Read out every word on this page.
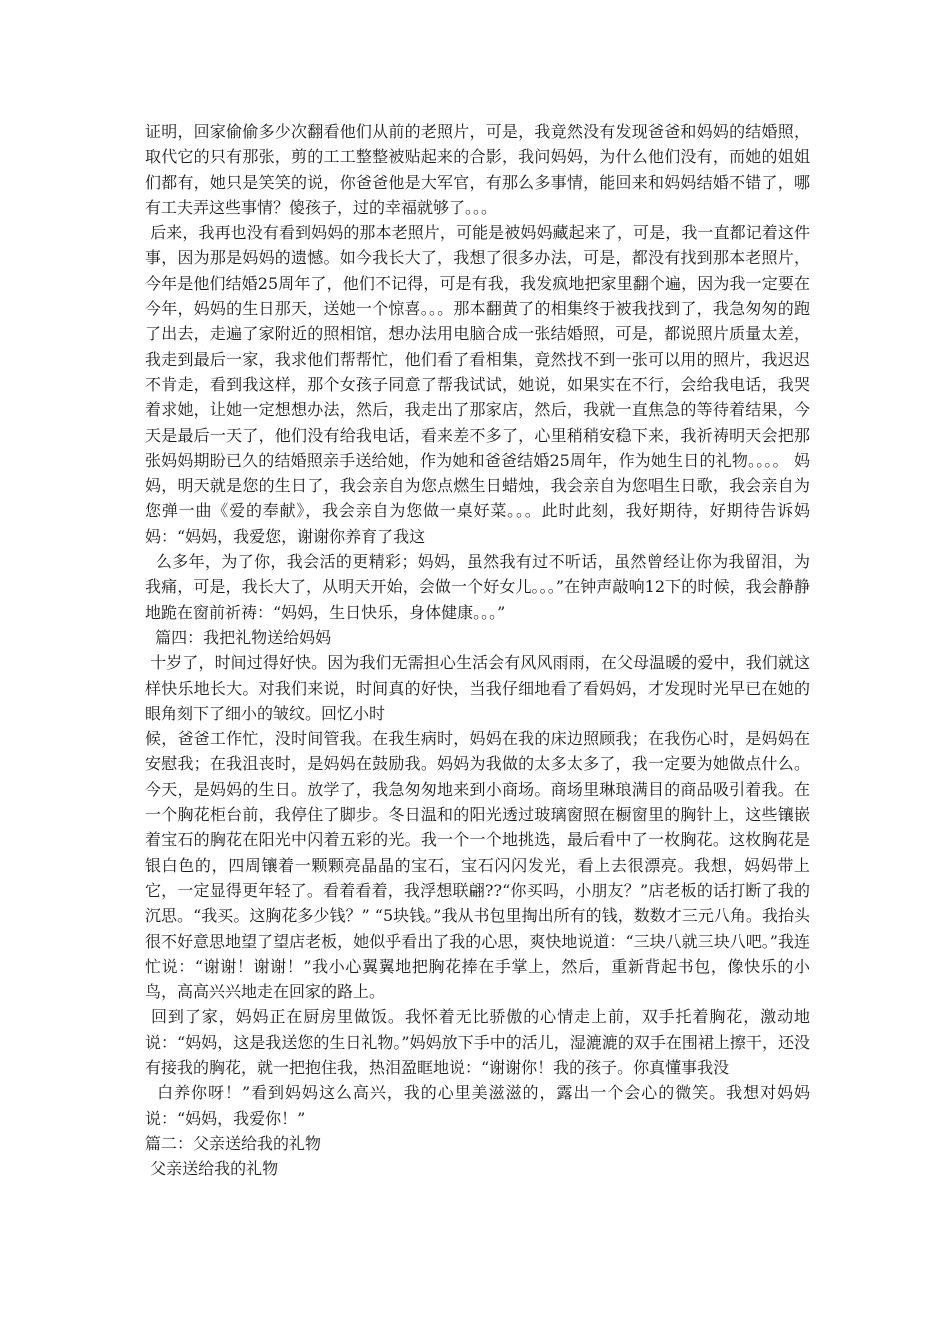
证明，回家偷偷多少次翻看他们从前的老照片，可是，我竟然没有发现爸爸和妈妈的结婚照，取代它的只有那张，剪的工工整整被贴起来的合影，我问妈妈，为什么他们没有，而她的姐姐们都有，她只是笑笑的说，你爸爸他是大军官，有那么多事情，能回来和妈妈结婚不错了，哪有工夫弄这些事情？傻孩子，过的幸福就够了。。。

后来，我再也没有看到妈妈的那本老照片，可能是被妈妈藏起来了，可是，我一直都记着这件事，因为那是妈妈的遗憾。如今我长大了，我想了很多办法，可是，都没有找到那本老照片，今年是他们结婚25周年了，他们不记得，可是有我，我发疯地把家里翻个遍，因为我一定要在今年，妈妈的生日那天，送她一个惊喜。。。那本翻黄了的相集终于被我找到了，我急匆匆的跑了出去，走遍了家附近的照相馆，想办法用电脑合成一张结婚照，可是，都说照片质量太差，我走到最后一家，我求他们帮帮忙，他们看了看相集，竟然找不到一张可以用的照片，我迟迟不肯走，看到我这样，那个女孩子同意了帮我试试，她说，如果实在不行，会给我电话，我哭着求她，让她一定想想办法，然后，我走出了那家店，然后，我就一直焦急的等待着结果，今天是最后一天了，他们没有给我电话，看来差不多了，心里稍稍安稳下来，我祈祷明天会把那张妈妈期盼已久的结婚照亲手送给她，作为她和爸爸结婚25周年，作为她生日的礼物。。。。 妈妈，明天就是您的生日了，我会亲自为您点燃生日蜡烛，我会亲自为您唱生日歌，我会亲自为您弹一曲《爱的奉献》，我会亲自为您做一桌好菜。。。此时此刻，我好期待，好期待告诉妈妈：“妈妈，我爱您，谢谢你养育了我这

么多年，为了你，我会活的更精彩；妈妈，虽然我有过不听话，虽然曾经让你为我留泪，为我痛，可是，我长大了，从明天开始，会做一个好女儿。。。”在钟声敲响12下的时候，我会静静地跪在窗前祈祷：“妈妈，生日快乐，身体健康。。。”

篇四：我把礼物送给妈妈

十岁了，时间过得好快。因为我们无需担心生活会有风风雨雨，在父母温暖的爱中，我们就这样快乐地长大。对我们来说，时间真的好快，当我仔细地看了看妈妈，才发现时光早已在她的眼角刻下了细小的皱纹。回忆小时

候，爸爸工作忙，没时间管我。在我生病时，妈妈在我的床边照顾我；在我伤心时，是妈妈在安慰我；在我沮丧时，是妈妈在鼓励我。妈妈为我做的太多太多了，我一定要为她做点什么。今天，是妈妈的生日。放学了，我急匆匆地来到小商场。商场里琳琅满目的商品吸引着我。在一个胸花柜台前，我停住了脚步。冬日温和的阳光透过玻璃窗照在橱窗里的胸针上，这些镶嵌着宝石的胸花在阳光中闪着五彩的光。我一个一个地挑选，最后看中了一枚胸花。这枚胸花是银白色的，四周镶着一颗颗亮晶晶的宝石，宝石闪闪发光，看上去很漂亮。我想，妈妈带上它，一定显得更年轻了。看着看着，我浮想联翩??“你买吗，小朋友？”店老板的话打断了我的沉思。“我买。这胸花多少钱？” “5块钱。”我从书包里掏出所有的钱，数数才三元八角。我抬头很不好意思地望了望店老板，她似乎看出了我的心思，爽快地说道：“三块八就三块八吧。”我连忙说：“谢谢！谢谢！”我小心翼翼地把胸花捧在手掌上，然后，重新背起书包，像快乐的小鸟，高高兴兴地走在回家的路上。

回到了家，妈妈正在厨房里做饭。我怀着无比骄傲的心情走上前，双手托着胸花，激动地说：“妈妈，这是我送您的生日礼物。”妈妈放下手中的活儿，湿漉漉的双手在围裙上擦干，还没有接我的胸花，就一把抱住我，热泪盈眶地说：“谢谢你！我的孩子。你真懂事我没

白养你呀！”看到妈妈这么高兴，我的心里美滋滋的，露出一个会心的微笑。我想对妈妈说：“妈妈，我爱你！”

篇二：父亲送给我的礼物

父亲送给我的礼物
